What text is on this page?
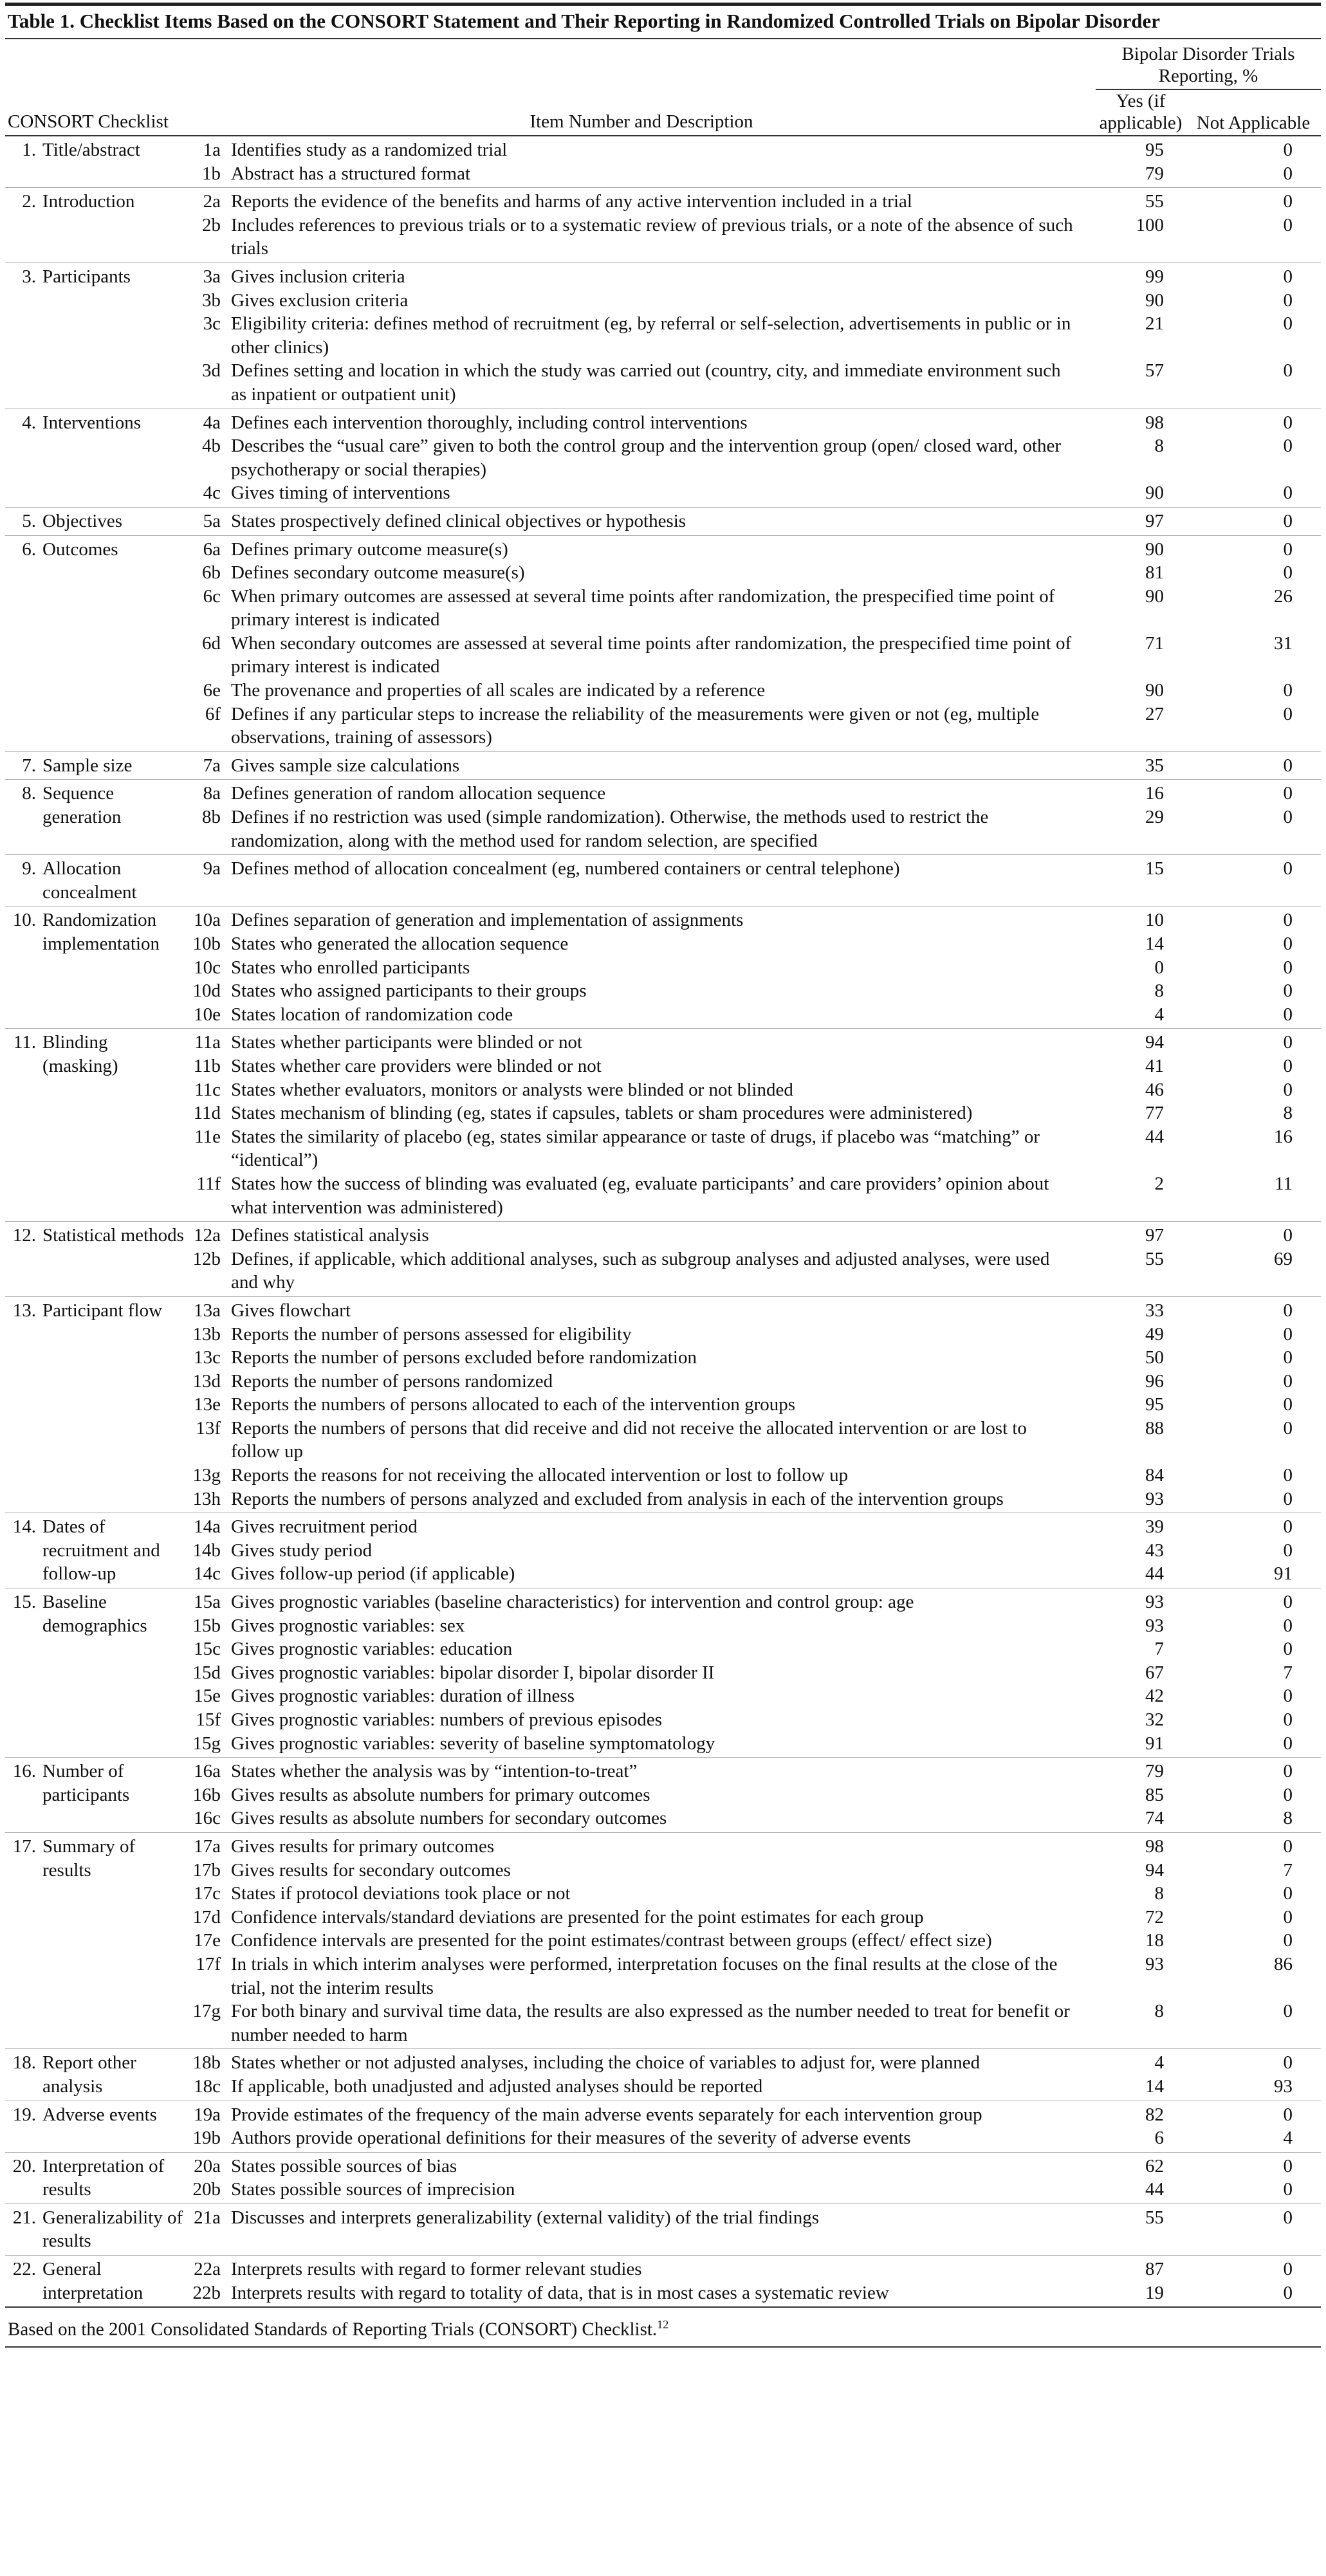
Table 1. Checklist Items Based on the CONSORT Statement and Their Reporting in Randomized Controlled Trials on Bipolar Disorder
			Bipolar Disorder Trials Reporting, %	
CONSORT Checklist	Item Number and Description		Yes (if applicable)	Not Applicable

1. Title/abstract	1a	Identifies study as a randomized trial	95	0
	1b	Abstract has a structured format	79	0

2. Introduction	2a	Reports the evidence of the benefits and harms of any active intervention included in a trial	55	0
	2b	Includes references to previous trials or to a systematic review of previous trials, or a note of the absence of such trials	100	0

3. Participants	3a	Gives inclusion criteria	99	0
	3b	Gives exclusion criteria	90	0
	3c	Eligibility criteria: defines method of recruitment (eg, by referral or self-selection, advertisements in public or in other clinics)	21	0
	3d	Defines setting and location in which the study was carried out (country, city, and immediate environment such as inpatient or outpatient unit)	57	0

4. Interventions	4a	Defines each intervention thoroughly, including control interventions	98	0
	4b	Describes the “usual care” given to both the control group and the intervention group (open/ closed ward, other psychotherapy or social therapies)	8	0
	4c	Gives timing of interventions	90	0

5. Objectives	5a	States prospectively defined clinical objectives or hypothesis	97	0

6. Outcomes	6a	Defines primary outcome measure(s)	90	0
	6b	Defines secondary outcome measure(s)	81	0
	6c	When primary outcomes are assessed at several time points after randomization, the prespecified time point of primary interest is indicated	90	26
	6d	When secondary outcomes are assessed at several time points after randomization, the prespecified time point of primary interest is indicated	71	31
	6e	The provenance and properties of all scales are indicated by a reference	90	0
	6f	Defines if any particular steps to increase the reliability of the measurements were given or not (eg, multiple observations, training of assessors)	27	0

7. Sample size	7a	Gives sample size calculations	35	0

8. Sequence generation	8a	Defines generation of random allocation sequence	16	0
	8b	Defines if no restriction was used (simple randomization). Otherwise, the methods used to restrict the randomization, along with the method used for random selection, are specified	29	0

9. Allocation concealment	9a	Defines method of allocation concealment (eg, numbered containers or central telephone)	15	0

10. Randomization implementation	10a	Defines separation of generation and implementation of assignments	10	0
	10b	States who generated the allocation sequence	14	0
	10c	States who enrolled participants	0	0
	10d	States who assigned participants to their groups	8	0
	10e	States location of randomization code	4	0

11. Blinding (masking)	11a	States whether participants were blinded or not	94	0
	11b	States whether care providers were blinded or not	41	0
	11c	States whether evaluators, monitors or analysts were blinded or not blinded	46	0
	11d	States mechanism of blinding (eg, states if capsules, tablets or sham procedures were administered)	77	8
	11e	States the similarity of placebo (eg, states similar appearance or taste of drugs, if placebo was “matching” or “identical”)	44	16
	11f	States how the success of blinding was evaluated (eg, evaluate participants’ and care providers’ opinion about what intervention was administered)	2	11

12. Statistical methods	12a	Defines statistical analysis	97	0
	12b	Defines, if applicable, which additional analyses, such as subgroup analyses and adjusted analyses, were used and why	55	69

13. Participant flow	13a	Gives flowchart	33	0
	13b	Reports the number of persons assessed for eligibility	49	0
	13c	Reports the number of persons excluded before randomization	50	0
	13d	Reports the number of persons randomized	96	0
	13e	Reports the numbers of persons allocated to each of the intervention groups	95	0
	13f	Reports the numbers of persons that did receive and did not receive the allocated intervention or are lost to follow up	88	0
	13g	Reports the reasons for not receiving the allocated intervention or lost to follow up	84	0
	13h	Reports the numbers of persons analyzed and excluded from analysis in each of the intervention groups	93	0

14. Dates of recruitment and follow-up	14a	Gives recruitment period	39	0
	14b	Gives study period	43	0
	14c	Gives follow-up period (if applicable)	44	91

15. Baseline demographics	15a	Gives prognostic variables (baseline characteristics) for intervention and control group: age	93	0
	15b	Gives prognostic variables: sex	93	0
	15c	Gives prognostic variables: education	7	0
	15d	Gives prognostic variables: bipolar disorder I, bipolar disorder II	67	7
	15e	Gives prognostic variables: duration of illness	42	0
	15f	Gives prognostic variables: numbers of previous episodes	32	0
	15g	Gives prognostic variables: severity of baseline symptomatology	91	0

16. Number of participants	16a	States whether the analysis was by “intention-to-treat”	79	0
	16b	Gives results as absolute numbers for primary outcomes	85	0
	16c	Gives results as absolute numbers for secondary outcomes	74	8

17. Summary of results	17a	Gives results for primary outcomes	98	0
	17b	Gives results for secondary outcomes	94	7
	17c	States if protocol deviations took place or not	8	0
	17d	Confidence intervals/standard deviations are presented for the point estimates for each group	72	0
	17e	Confidence intervals are presented for the point estimates/contrast between groups (effect/ effect size)	18	0
	17f	In trials in which interim analyses were performed, interpretation focuses on the final results at the close of the trial, not the interim results	93	86
	17g	For both binary and survival time data, the results are also expressed as the number needed to treat for benefit or number needed to harm	8	0

18. Report other analysis	18b	States whether or not adjusted analyses, including the choice of variables to adjust for, were planned	4	0
	18c	If applicable, both unadjusted and adjusted analyses should be reported	14	93

19. Adverse events	19a	Provide estimates of the frequency of the main adverse events separately for each intervention group	82	0
	19b	Authors provide operational definitions for their measures of the severity of adverse events	6	4

20. Interpretation of results	20a	States possible sources of bias	62	0
	20b	States possible sources of imprecision	44	0

21. Generalizability of results	21a	Discusses and interprets generalizability (external validity) of the trial findings	55	0

22. General interpretation	22a	Interprets results with regard to former relevant studies	87	0
	22b	Interprets results with regard to totality of data, that is in most cases a systematic review	19	0
Based on the 2001 Consolidated Standards of Reporting Trials (CONSORT) Checklist.$^{12}$
